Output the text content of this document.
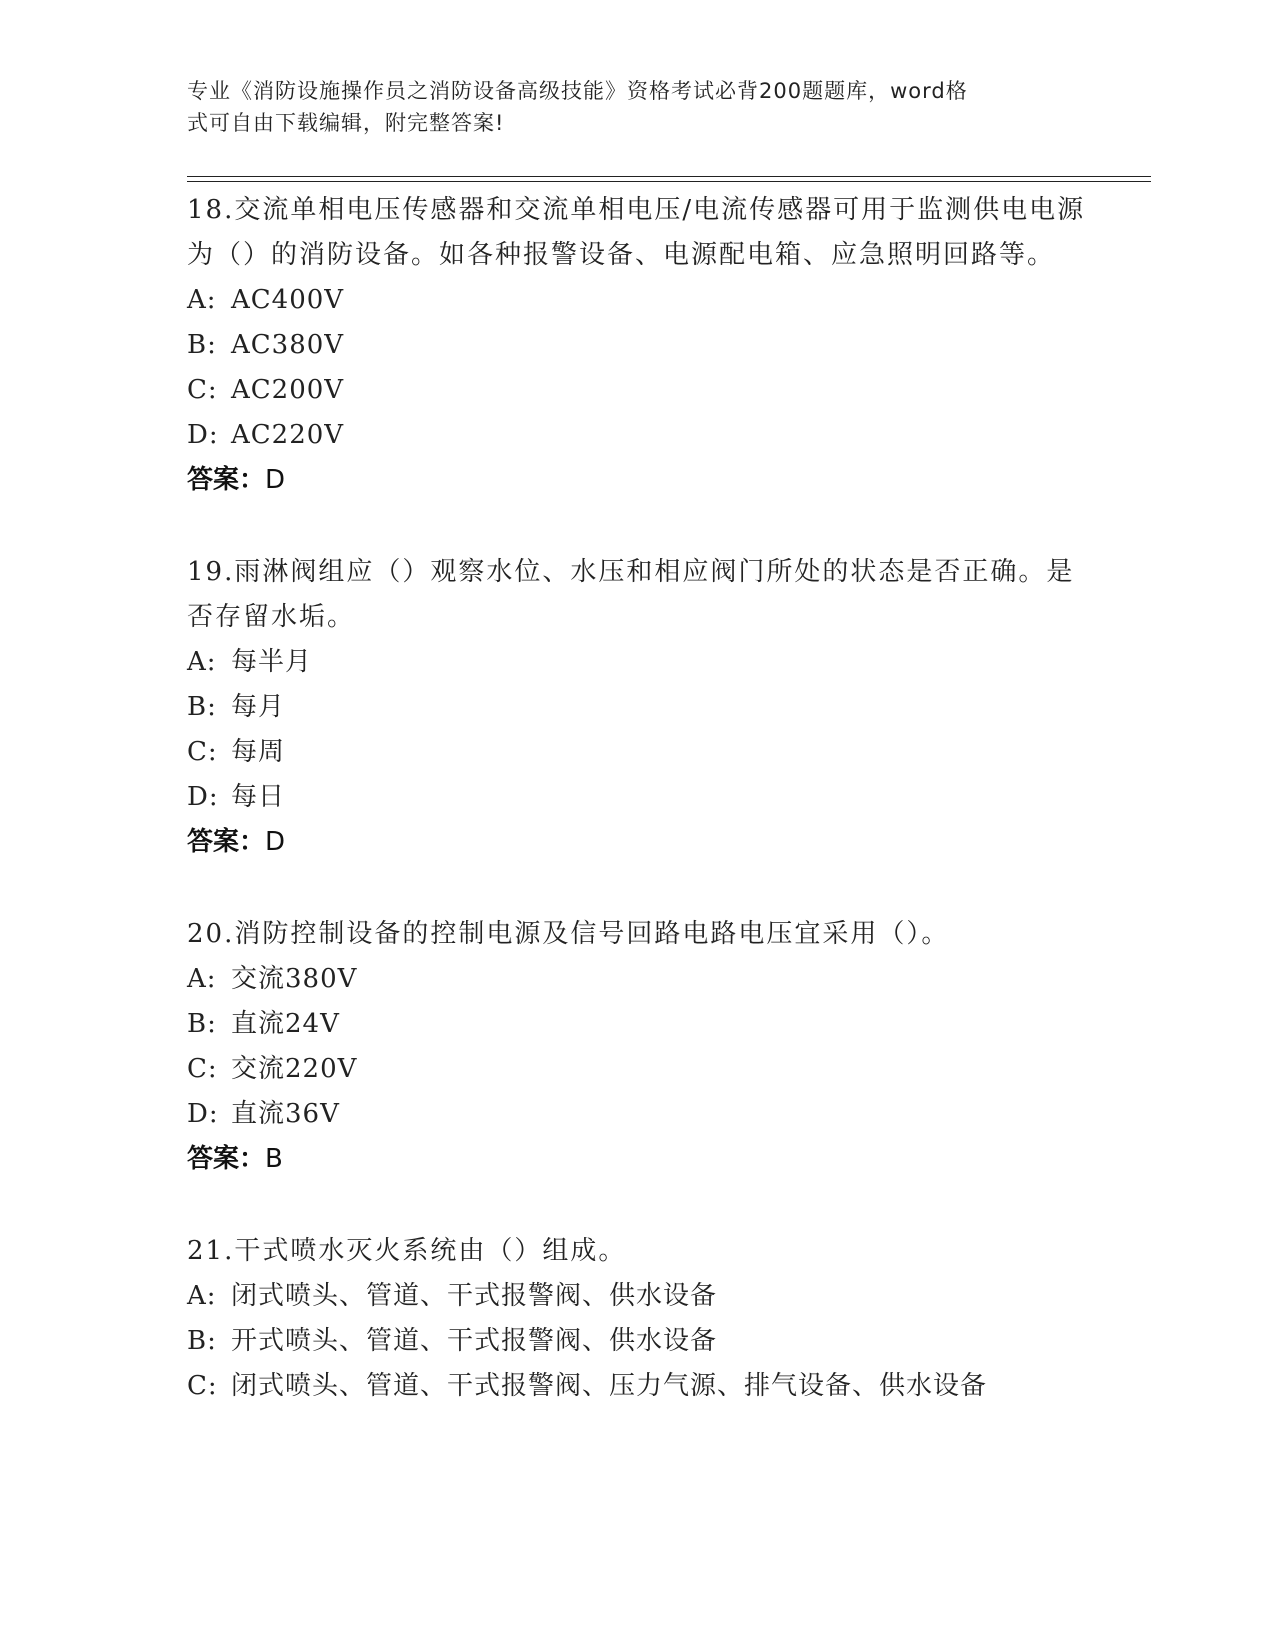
专业《消防设施操作员之消防设备高级技能》资格考试必背200题题库，word格
式可自由下载编辑，附完整答案!

18.交流单相电压传感器和交流单相电压/电流传感器可用于监测供电电源为（）的消防设备。如各种报警设备、电源配电箱、应急照明回路等。

A: AC400V
B: AC380V
C: AC200V
D: AC220V
答案：D

19.雨淋阀组应（）观察水位、水压和相应阀门所处的状态是否正确。是否存留水垢。

A: 每半月
B: 每月
C: 每周
D: 每日
答案：D

20.消防控制设备的控制电源及信号回路电路电压宜采用（）。

A: 交流380V
B: 直流24V
C: 交流220V
D: 直流36V
答案：B

21.干式喷水灭火系统由（）组成。

A: 闭式喷头、管道、干式报警阀、供水设备
B: 开式喷头、管道、干式报警阀、供水设备
C: 闭式喷头、管道、干式报警阀、压力气源、排气设备、供水设备
